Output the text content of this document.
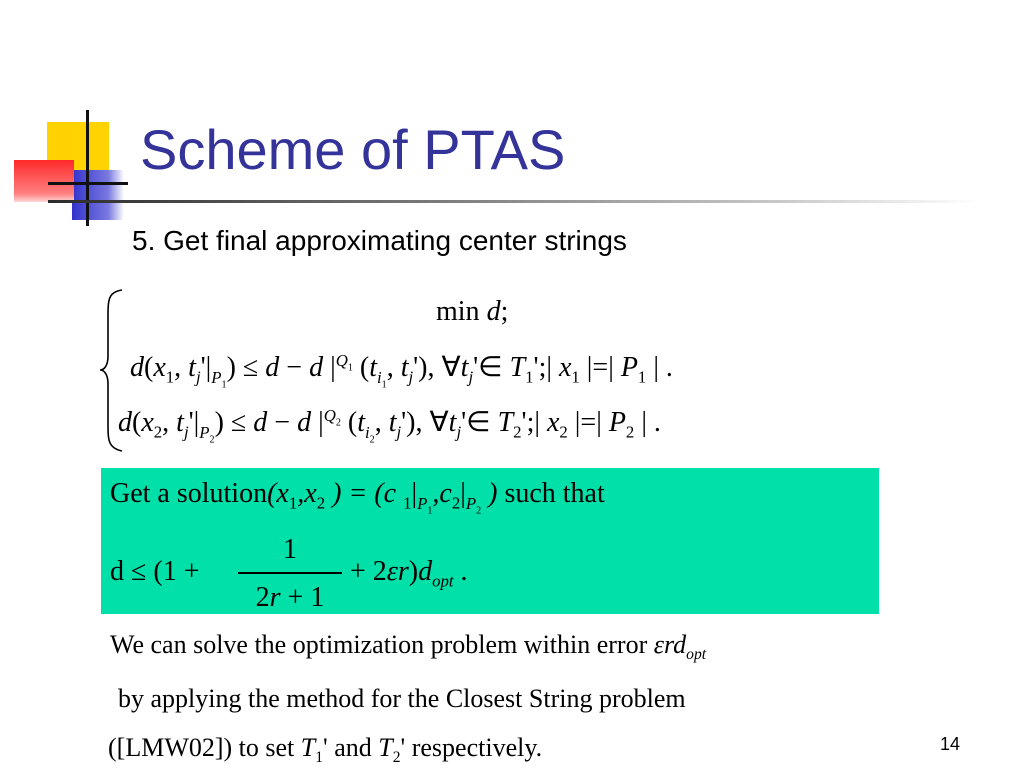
Scheme of PTAS
5. Get final approximating center strings
min d;
$d(x_1$, $t_j'|_{P_1}) \le d - d$ $|^{Q_1}$ ($t_{i_1}$, $t_j'$), $\forall t_j'\in$ $T_1';|$ $x_1$ |=| $P_1$ | .
$d(x_2$, $t_j'|_{P_2}) \le d - d$ $|^{Q_2}$ ($t_{i_2}$, $t_j'$), $\forall t_j'\in$ $T_2';|$ $x_2$ |=| $P_2$ | .
Get a $solution(x_1,x_2$ ) = (c $_1|_{P_1},c_2|_{P_2}$ ) such that
d ≤ (1 +
1
2r + 1
+ $2\varepsilon r)d_{opt}$ .
We can solve the optimization problem within error εrd$_{opt}$
by applying the method for the Closest String problem
([LMW02]) to set $T_1'$ and $T_2'$ respectively.	14
